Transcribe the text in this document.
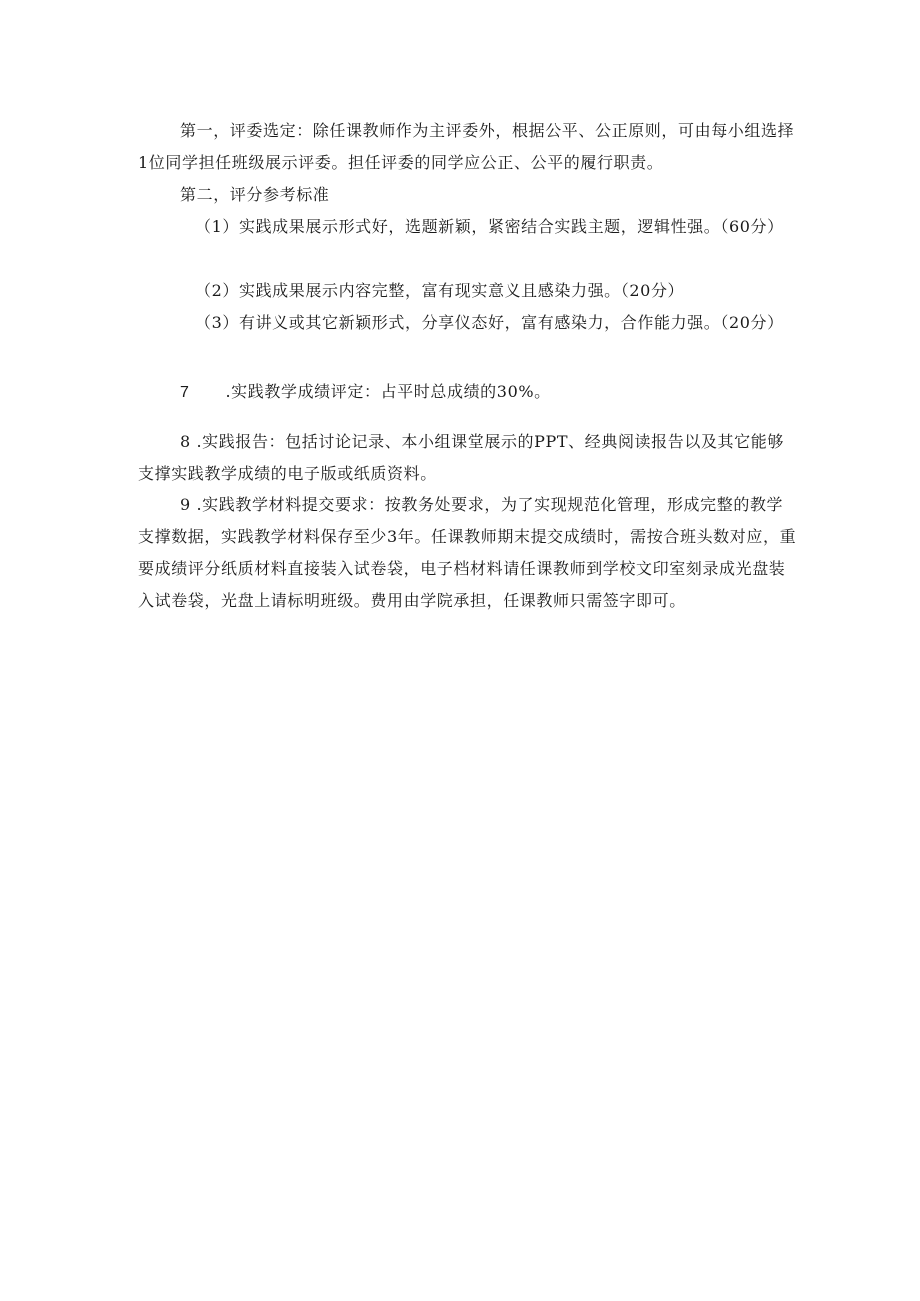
第一，评委选定：除任课教师作为主评委外，根据公平、公正原则，可由每小组选择1位同学担任班级展示评委。担任评委的同学应公正、公平的履行职责。

第二，评分参考标准

（1）实践成果展示形式好，选题新颖，紧密结合实践主题，逻辑性强。（60分）

（2）实践成果展示内容完整，富有现实意义且感染力强。（20分）

（3）有讲义或其它新颖形式，分享仪态好，富有感染力，合作能力强。（20分）

7 .实践教学成绩评定：占平时总成绩的30%。

8 .实践报告：包括讨论记录、本小组课堂展示的PPT、经典阅读报告以及其它能够支撑实践教学成绩的电子版或纸质资料。

9 .实践教学材料提交要求：按教务处要求，为了实现规范化管理，形成完整的教学支撑数据，实践教学材料保存至少3年。任课教师期末提交成绩时，需按合班头数对应，重要成绩评分纸质材料直接装入试卷袋，电子档材料请任课教师到学校文印室刻录成光盘装入试卷袋，光盘上请标明班级。费用由学院承担，任课教师只需签字即可。
